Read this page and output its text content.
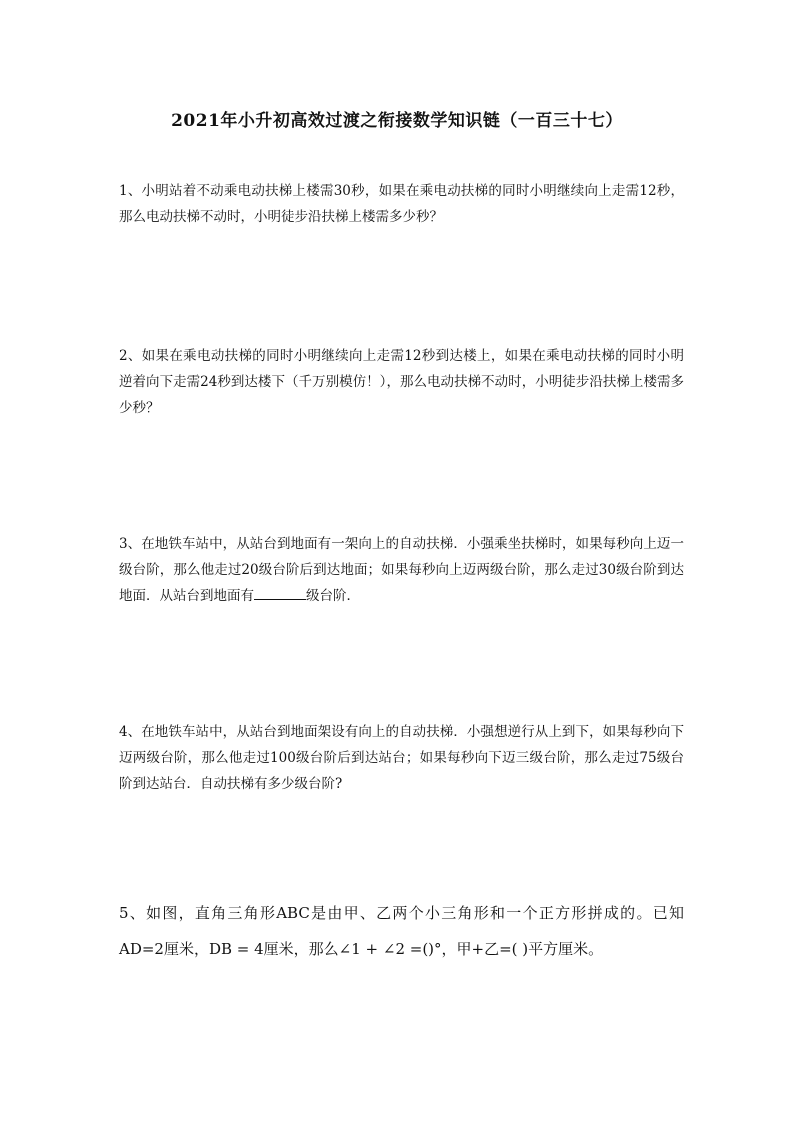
2021年小升初高效过渡之衔接数学知识链（一百三十七）
1、小明站着不动乘电动扶梯上楼需30秒，如果在乘电动扶梯的同时小明继续向上走需12秒，那么电动扶梯不动时，小明徒步沿扶梯上楼需多少秒？
2、如果在乘电动扶梯的同时小明继续向上走需12秒到达楼上，如果在乘电动扶梯的同时小明逆着向下走需24秒到达楼下（千万别模仿！），那么电动扶梯不动时，小明徒步沿扶梯上楼需多少秒？
3、在地铁车站中，从站台到地面有一架向上的自动扶梯．小强乘坐扶梯时，如果每秒向上迈一级台阶，那么他走过20级台阶后到达地面；如果每秒向上迈两级台阶，那么走过30级台阶到达地面．从站台到地面有	级台阶．
4、在地铁车站中，从站台到地面架设有向上的自动扶梯．小强想逆行从上到下，如果每秒向下迈两级台阶，那么他走过100级台阶后到达站台；如果每秒向下迈三级台阶，那么走过75级台阶到达站台．自动扶梯有多少级台阶?
5、如图，直角三角形ABC是由甲、乙两个小三角形和一个正方形拼成的。已知AD=2厘米，DB = 4厘米，那么∠1 + ∠2 =()°，甲+乙=( )平方厘米。
